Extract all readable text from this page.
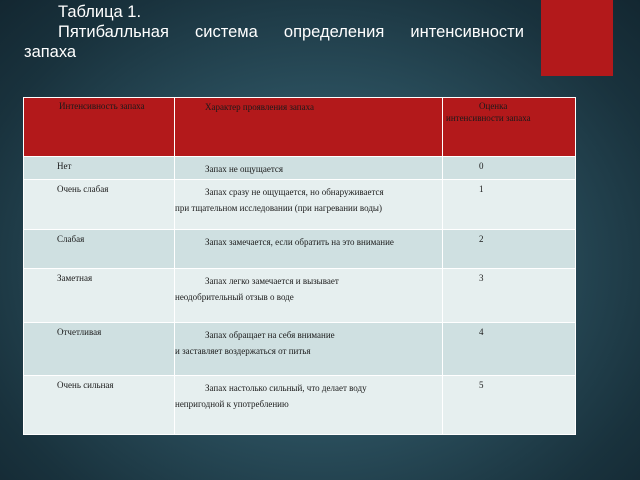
Таблица 1.
Пятибалльная система определения интенсивности
запаха
Интенсивность запаха	Характер проявления запаха	Оценка
интенсивности запаха

Нет	Запах не ощущается	0

Очень слабая	Запах сразу не ощущается, но обнаруживается
при тщательном исследовании (при нагревании воды)	1

Слабая	Запах замечается, если обратить на это внимание	2

Заметная	Запах легко замечается и вызывает
неодобрительный отзыв о воде	3

Отчетливая	Запах обращает на себя внимание
и заставляет воздержаться от питья	4

Очень сильная	Запах настолько сильный, что делает воду
непригодной к употреблению	5
